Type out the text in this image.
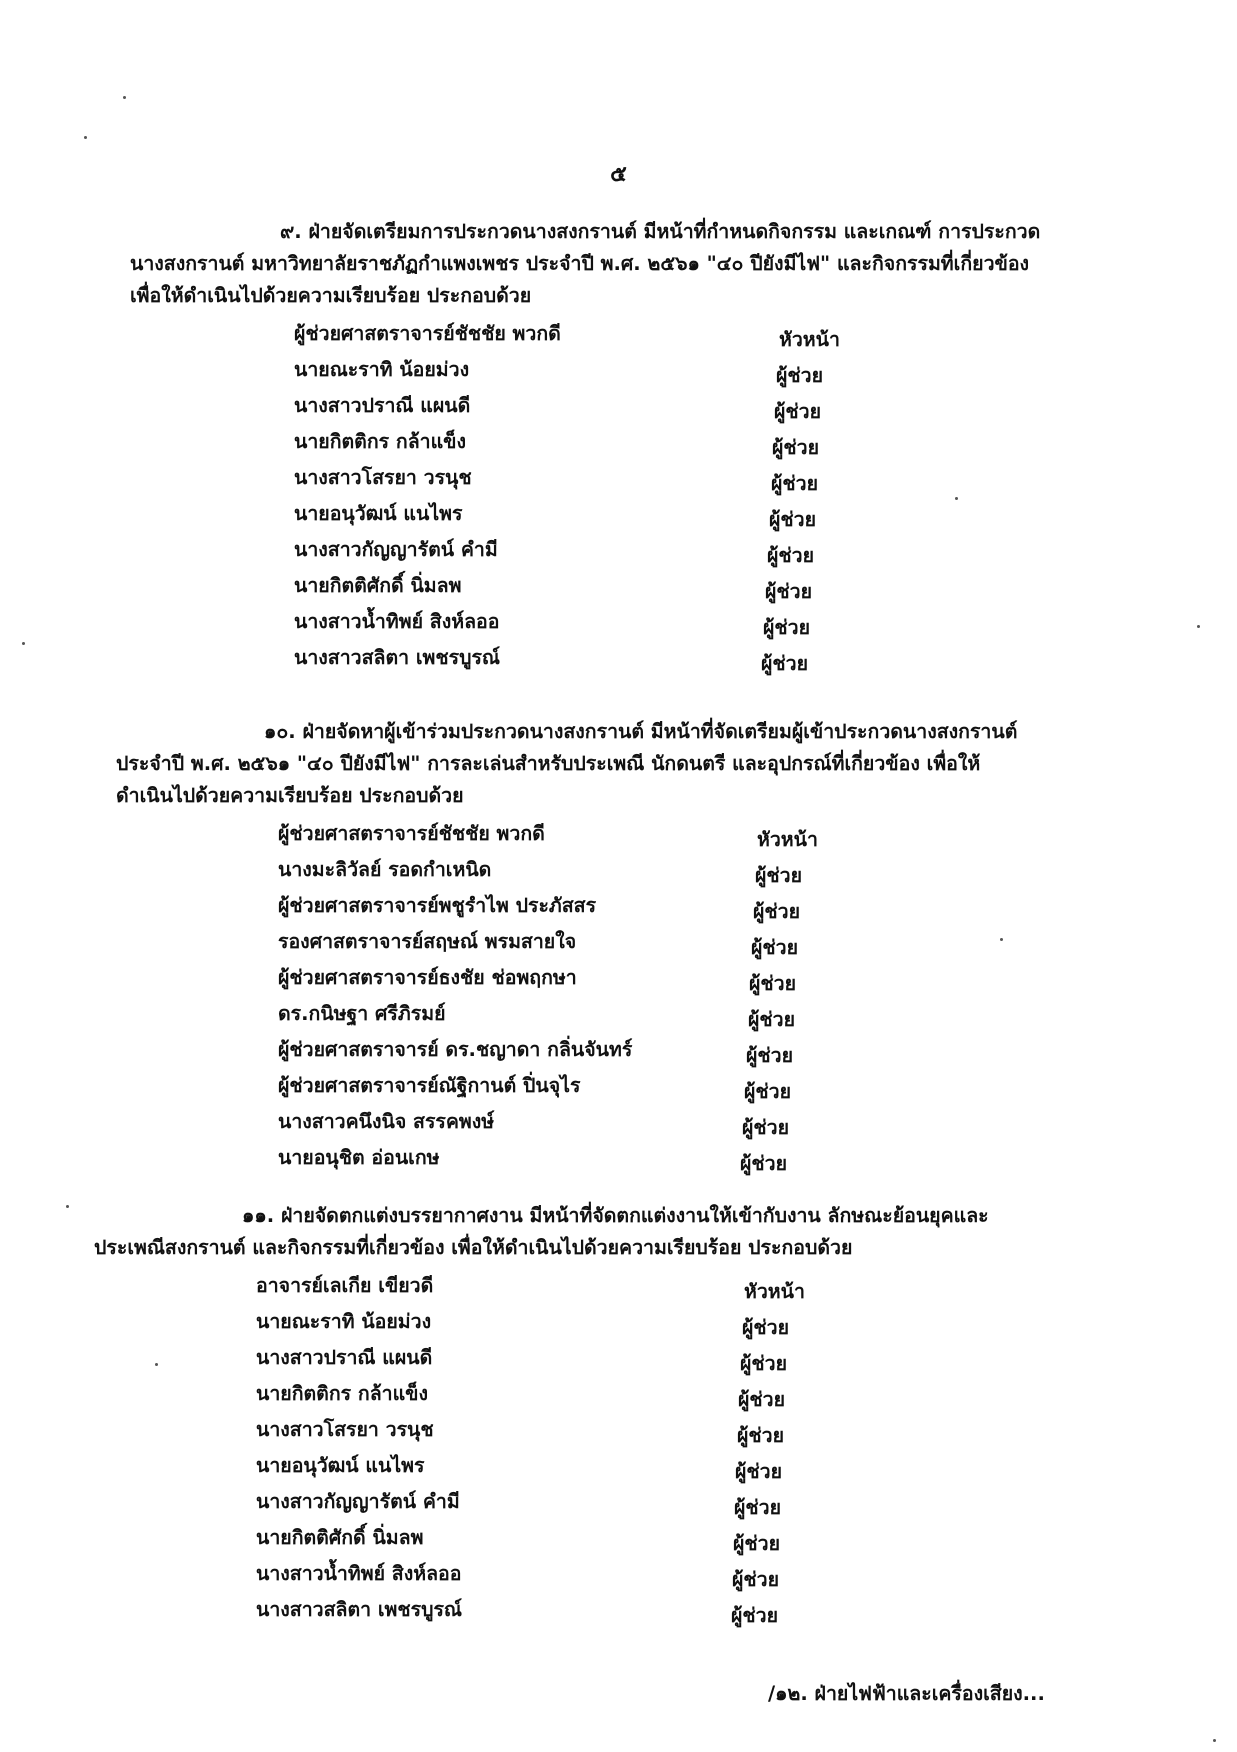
๕
๙. ฝ่ายจัดเตรียมการประกวดนางสงกรานต์ มีหน้าที่กำหนดกิจกรรม และเกณฑ์ การประกวด
นางสงกรานต์ มหาวิทยาลัยราชภัฏกำแพงเพชร ประจำปี พ.ศ. ๒๕๖๑ "๔๐ ปียังมีไฟ" และกิจกรรมที่เกี่ยวข้อง
เพื่อให้ดำเนินไปด้วยความเรียบร้อย ประกอบด้วย
ผู้ช่วยศาสตราจารย์ชัชชัย พวกดี	หัวหน้า
นายณะราทิ น้อยม่วง	ผู้ช่วย
นางสาวปราณี แผนดี	ผู้ช่วย
นายกิตติกร กล้าแข็ง	ผู้ช่วย
นางสาวโสรยา วรนุช	ผู้ช่วย
นายอนุวัฒน์ แนไพร	ผู้ช่วย
นางสาวกัญญารัตน์ คำมี	ผู้ช่วย
นายกิตติศักดิ์ นิ่มลพ	ผู้ช่วย
นางสาวน้ำทิพย์ สิงห์ลออ	ผู้ช่วย
นางสาวสลิตา เพชรบูรณ์	ผู้ช่วย
๑๐. ฝ่ายจัดหาผู้เข้าร่วมประกวดนางสงกรานต์ มีหน้าที่จัดเตรียมผู้เข้าประกวดนางสงกรานต์
ประจำปี พ.ศ. ๒๕๖๑ "๔๐ ปียังมีไฟ" การละเล่นสำหรับประเพณี นักดนตรี และอุปกรณ์ที่เกี่ยวข้อง เพื่อให้
ดำเนินไปด้วยความเรียบร้อย ประกอบด้วย
ผู้ช่วยศาสตราจารย์ชัชชัย พวกดี	หัวหน้า
นางมะลิวัลย์ รอดกำเหนิด	ผู้ช่วย
ผู้ช่วยศาสตราจารย์พชูรำไพ ประภัสสร	ผู้ช่วย
รองศาสตราจารย์สฤษณ์ พรมสายใจ	ผู้ช่วย
ผู้ช่วยศาสตราจารย์ธงชัย ช่อพฤกษา	ผู้ช่วย
ดร.กนิษฐา ศรีภิรมย์	ผู้ช่วย
ผู้ช่วยศาสตราจารย์ ดร.ชญาดา กลิ่นจันทร์	ผู้ช่วย
ผู้ช่วยศาสตราจารย์ณัฐิกานต์ ปิ่นจุไร	ผู้ช่วย
นางสาวคนึงนิจ สรรคพงษ์	ผู้ช่วย
นายอนุชิต อ่อนเกษ	ผู้ช่วย
๑๑. ฝ่ายจัดตกแต่งบรรยากาศงาน มีหน้าที่จัดตกแต่งงานให้เข้ากับงาน ลักษณะย้อนยุคและ
ประเพณีสงกรานต์ และกิจกรรมที่เกี่ยวข้อง เพื่อให้ดำเนินไปด้วยความเรียบร้อย ประกอบด้วย
อาจารย์เลเกีย เขียวดี	หัวหน้า
นายณะราทิ น้อยม่วง	ผู้ช่วย
นางสาวปราณี แผนดี	ผู้ช่วย
นายกิตติกร กล้าแข็ง	ผู้ช่วย
นางสาวโสรยา วรนุช	ผู้ช่วย
นายอนุวัฒน์ แนไพร	ผู้ช่วย
นางสาวกัญญารัตน์ คำมี	ผู้ช่วย
นายกิตติศักดิ์ นิ่มลพ	ผู้ช่วย
นางสาวน้ำทิพย์ สิงห์ลออ	ผู้ช่วย
นางสาวสลิตา เพชรบูรณ์	ผู้ช่วย
/๑๒. ฝ่ายไฟฟ้าและเครื่องเสียง...
